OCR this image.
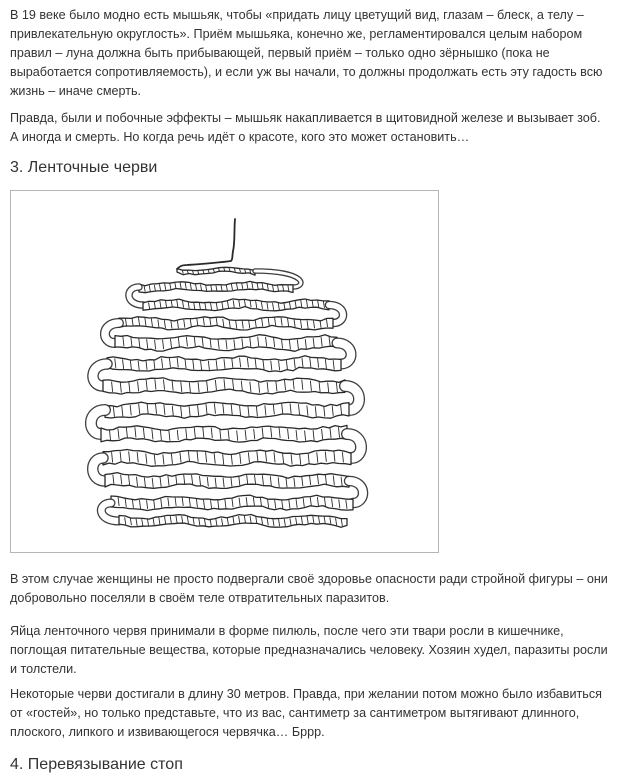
В 19 веке было модно есть мышьяк, чтобы «придать лицу цветущий вид, глазам – блеск, а телу – привлекательную округлость». Приём мышьяка, конечно же, регламентировался целым набором правил – луна должна быть прибывающей, первый приём – только одно зёрнышко (пока не выработается сопротивляемость), и если уж вы начали, то должны продолжать есть эту гадость всю жизнь – иначе смерть.

Правда, были и побочные эффекты – мышьяк накапливается в щитовидной железе и вызывает зоб. А иногда и смерть. Но когда речь идёт о красоте, кого это может остановить…

3. Ленточные черви

В этом случае женщины не просто подвергали своё здоровье опасности ради стройной фигуры – они добровольно поселяли в своём теле отвратительных паразитов.

Яйца ленточного червя принимали в форме пилюль, после чего эти твари росли в кишечнике, поглощая питательные вещества, которые предназначались человеку. Хозяин худел, паразиты росли и толстели.

Некоторые черви достигали в длину 30 метров. Правда, при желании потом можно было избавиться от «гостей», но только представьте, что из вас, сантиметр за сантиметром вытягивают длинного, плоского, липкого и извивающегося червячка… Бррр.

4. Перевязывание стоп
